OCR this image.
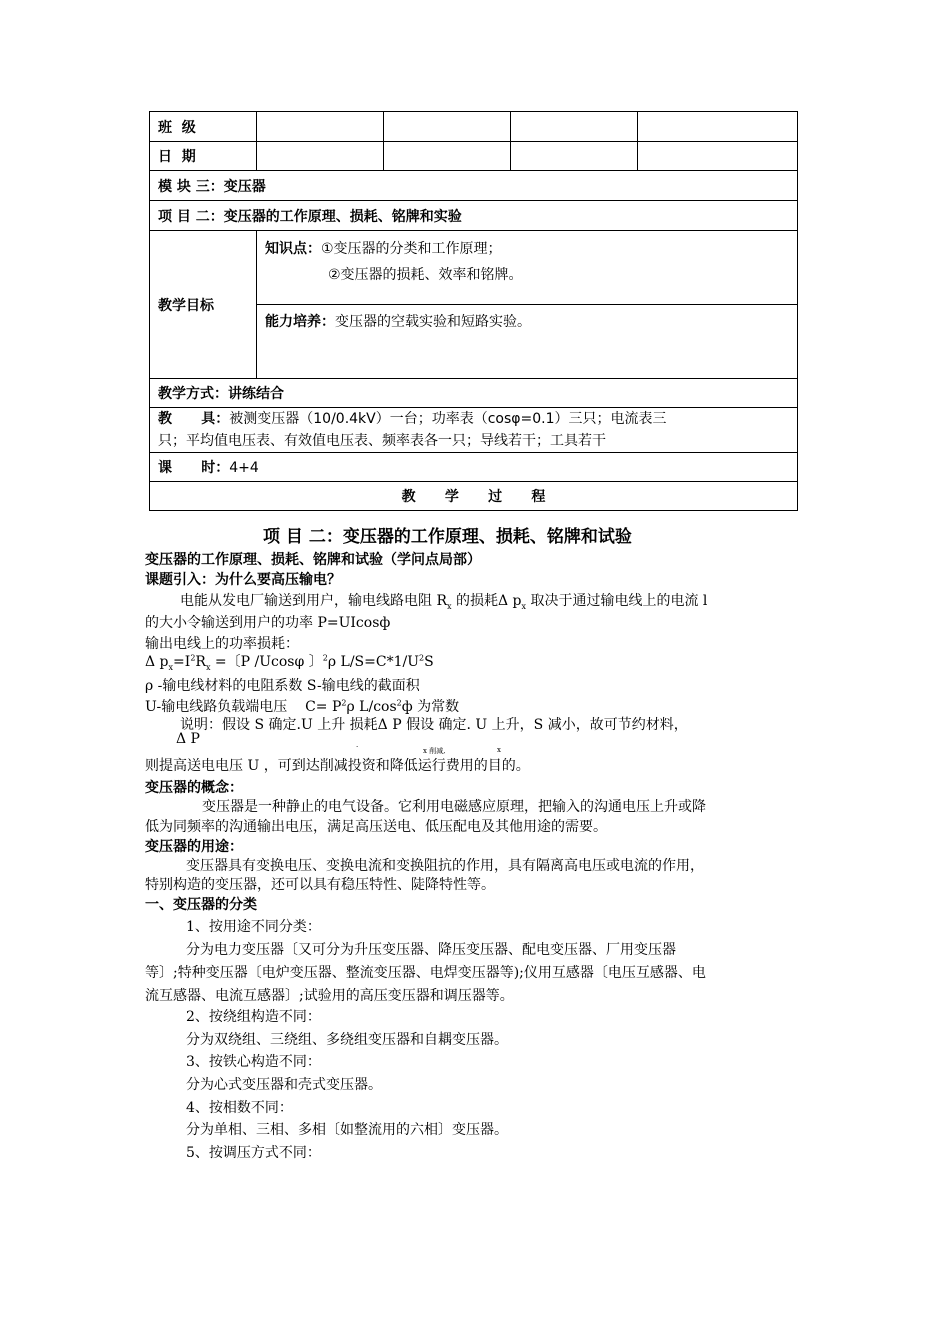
班  级				
日  期				
模 块 三：变压器				
项 目 二：变压器的工作原理、损耗、铭牌和实验				
教学目标	知识点：①变压器的分类和工作原理；
②变压器的损耗、效率和铭牌。			

	能力培养：变压器的空载实验和短路实验。			
教学方式：讲练结合				

教      具：被测变压器（10/0.4kV）一台；功率表（cosφ=0.1）三只；电流表三
只；平均值电压表、有效值电压表、频率表各一只；导线若干；工具若干				

课      时：4+4				
教      学      过      程				
项 目 二：变压器的工作原理、损耗、铭牌和试验
变压器的工作原理、损耗、铭牌和试验（学问点局部）
课题引入：为什么要高压输电？
电能从发电厂输送到用户，输电线路电阻 $R_x$ 的损耗Δ $p_x$ 取决于通过输电线上的电流 l
的大小令输送到用户的功率 P=UIcosф
输出电线上的功率损耗：
Δ $p_x=I^2R_x$ =〔P /Ucosφ 〕$^2$ρ $L/S=C*1/U^2S$
ρ -输电线材料的电阻系数 S-输电线的截面积
U-输电线路负载端电压    $C= P^2\rho$ $L/\cos^2ф$ 为常数
说明：假设 S 确定.U 上升 损耗Δ P 假设 确定. U 上升，S 减小，故可节约材料，
Δ P	.
x 削减,	x
则提高送电电压 U ，可到达削减投资和降低运行费用的目的。
变压器的概念：
变压器是一种静止的电气设备。它利用电磁感应原理，把输入的沟通电压上升或降
低为同频率的沟通输出电压，满足高压送电、低压配电及其他用途的需要。
变压器的用途：
变压器具有变换电压、变换电流和变换阻抗的作用，具有隔离高电压或电流的作用，
特别构造的变压器，还可以具有稳压特性、陡降特性等。
一、变压器的分类
1、按用途不同分类：
分为电力变压器〔又可分为升压变压器、降压变压器、配电变压器、厂用变压器
等〕;特种变压器〔电炉变压器、整流变压器、电焊变压器等);仪用互感器〔电压互感器、电
流互感器、电流互感器〕;试验用的高压变压器和调压器等。
2、按绕组构造不同：
分为双绕组、三绕组、多绕组变压器和自耦变压器。
3、按铁心构造不同：
分为心式变压器和壳式变压器。
4、按相数不同：
分为单相、三相、多相〔如整流用的六相〕变压器。
5、按调压方式不同：
